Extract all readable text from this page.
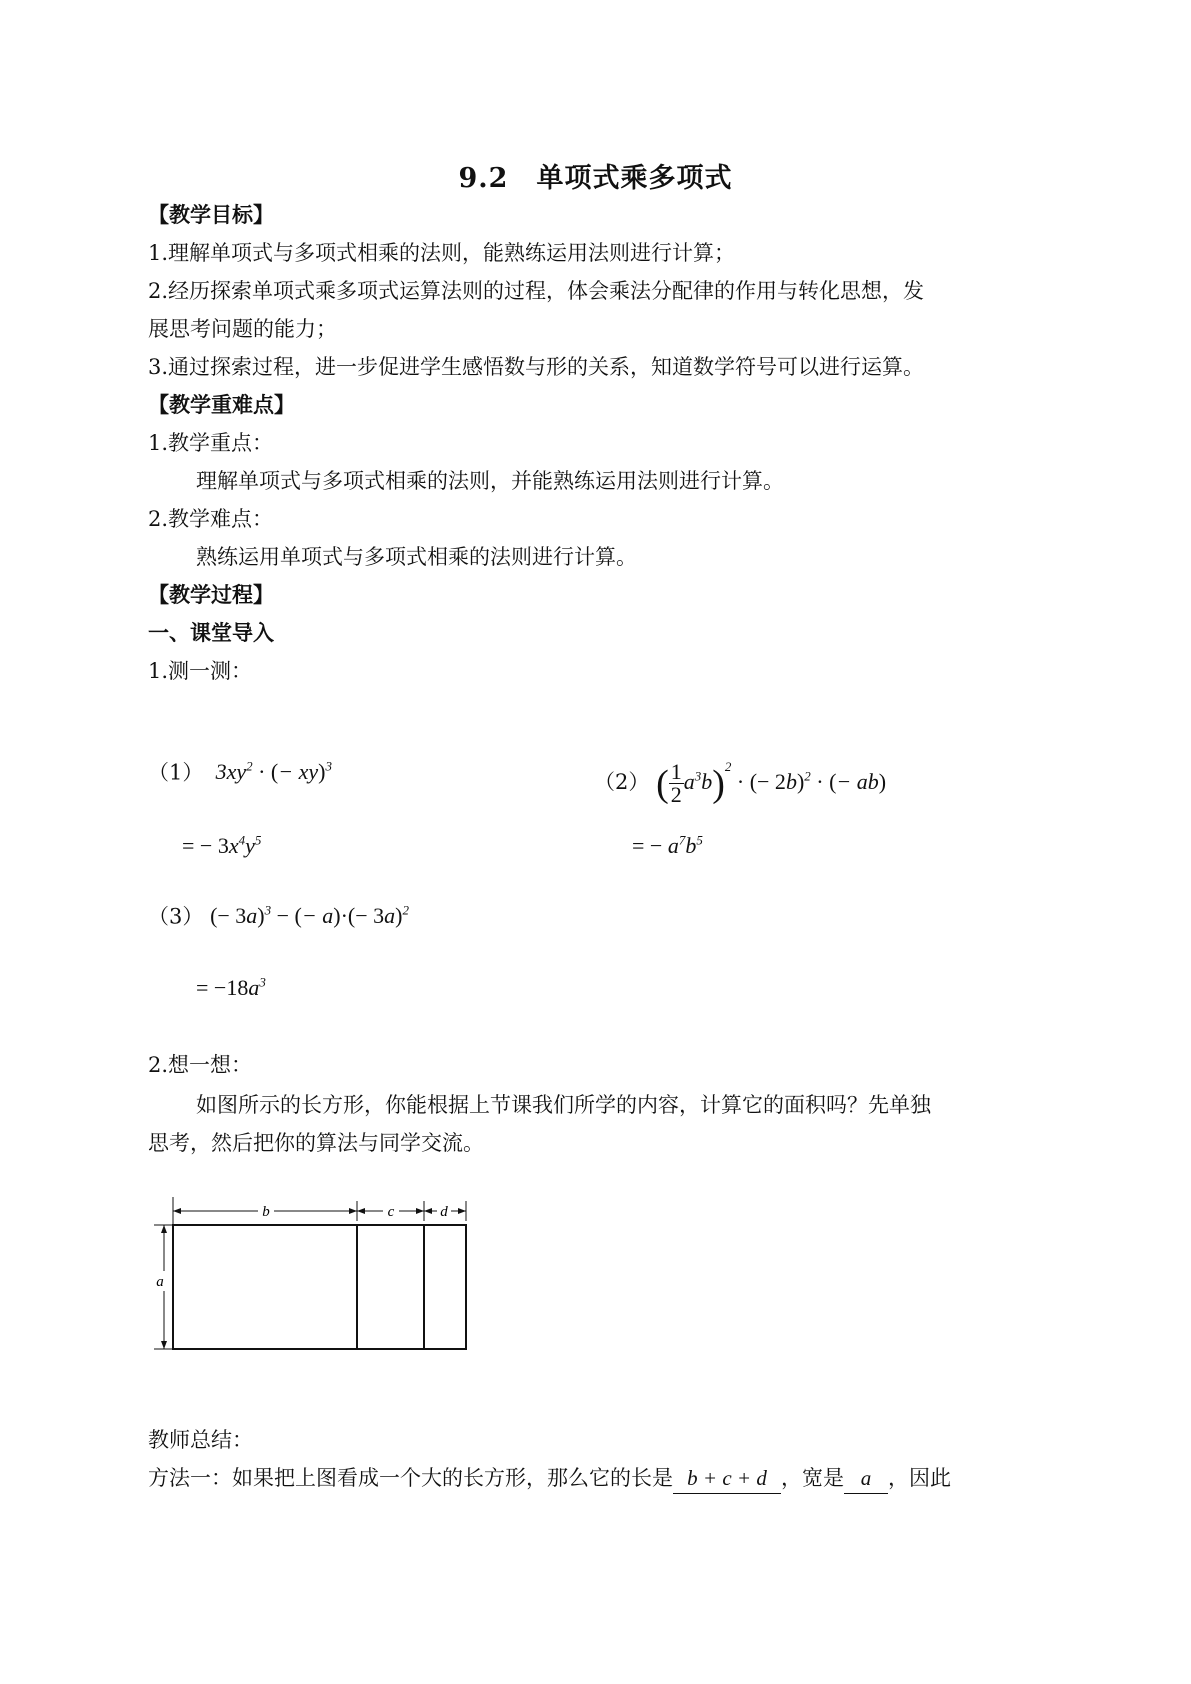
9.2　单项式乘多项式
【教学目标】
1.理解单项式与多项式相乘的法则，能熟练运用法则进行计算；
2.经历探索单项式乘多项式运算法则的过程，体会乘法分配律的作用与转化思想，发
展思考问题的能力；
3.通过探索过程，进一步促进学生感悟数与形的关系，知道数学符号可以进行运算。
【教学重难点】
1.教学重点：
理解单项式与多项式相乘的法则，并能熟练运用法则进行计算。
2.教学难点：
熟练运用单项式与多项式相乘的法则进行计算。
【教学过程】
一、课堂导入
1.测一测：
（1）  $3xy^2$ · (− xy)$^3$
= − $3x^4y^5$
（2） ( $\frac{1}{2} a^3b)^2$ · (− 2b)$^2$ · (− ab)
= − $a^7b^5$
（3） (− 3a)$^3$ − (− $a)\cdot(- 3a)^2$
= $-18a^3$
2.想一想：
如图所示的长方形，你能根据上节课我们所学的内容，计算它的面积吗？先单独
思考，然后把你的算法与同学交流。
b	c	d
a
教师总结：
方法一：如果把上图看成一个大的长方形，那么它的长是 b + c + d ，宽是 a ，因此
